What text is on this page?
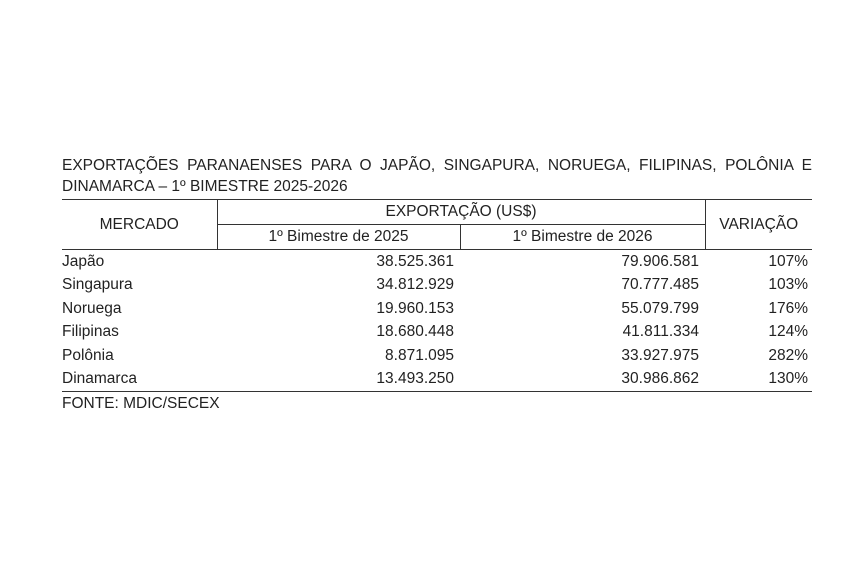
EXPORTAÇÕES PARANAENSES PARA O JAPÃO, SINGAPURA, NORUEGA, FILIPINAS, POLÔNIA E DINAMARCA – 1º BIMESTRE 2025-2026

MERCADO	EXPORTAÇÃO (US$)		VARIAÇÃO
	1º Bimestre de 2025	1º Bimestre de 2026	
Japão	38.525.361	79.906.581	107%
Singapura	34.812.929	70.777.485	103%
Noruega	19.960.153	55.079.799	176%
Filipinas	18.680.448	41.811.334	124%
Polônia	8.871.095	33.927.975	282%
Dinamarca	13.493.250	30.986.862	130%
FONTE: MDIC/SECEX
